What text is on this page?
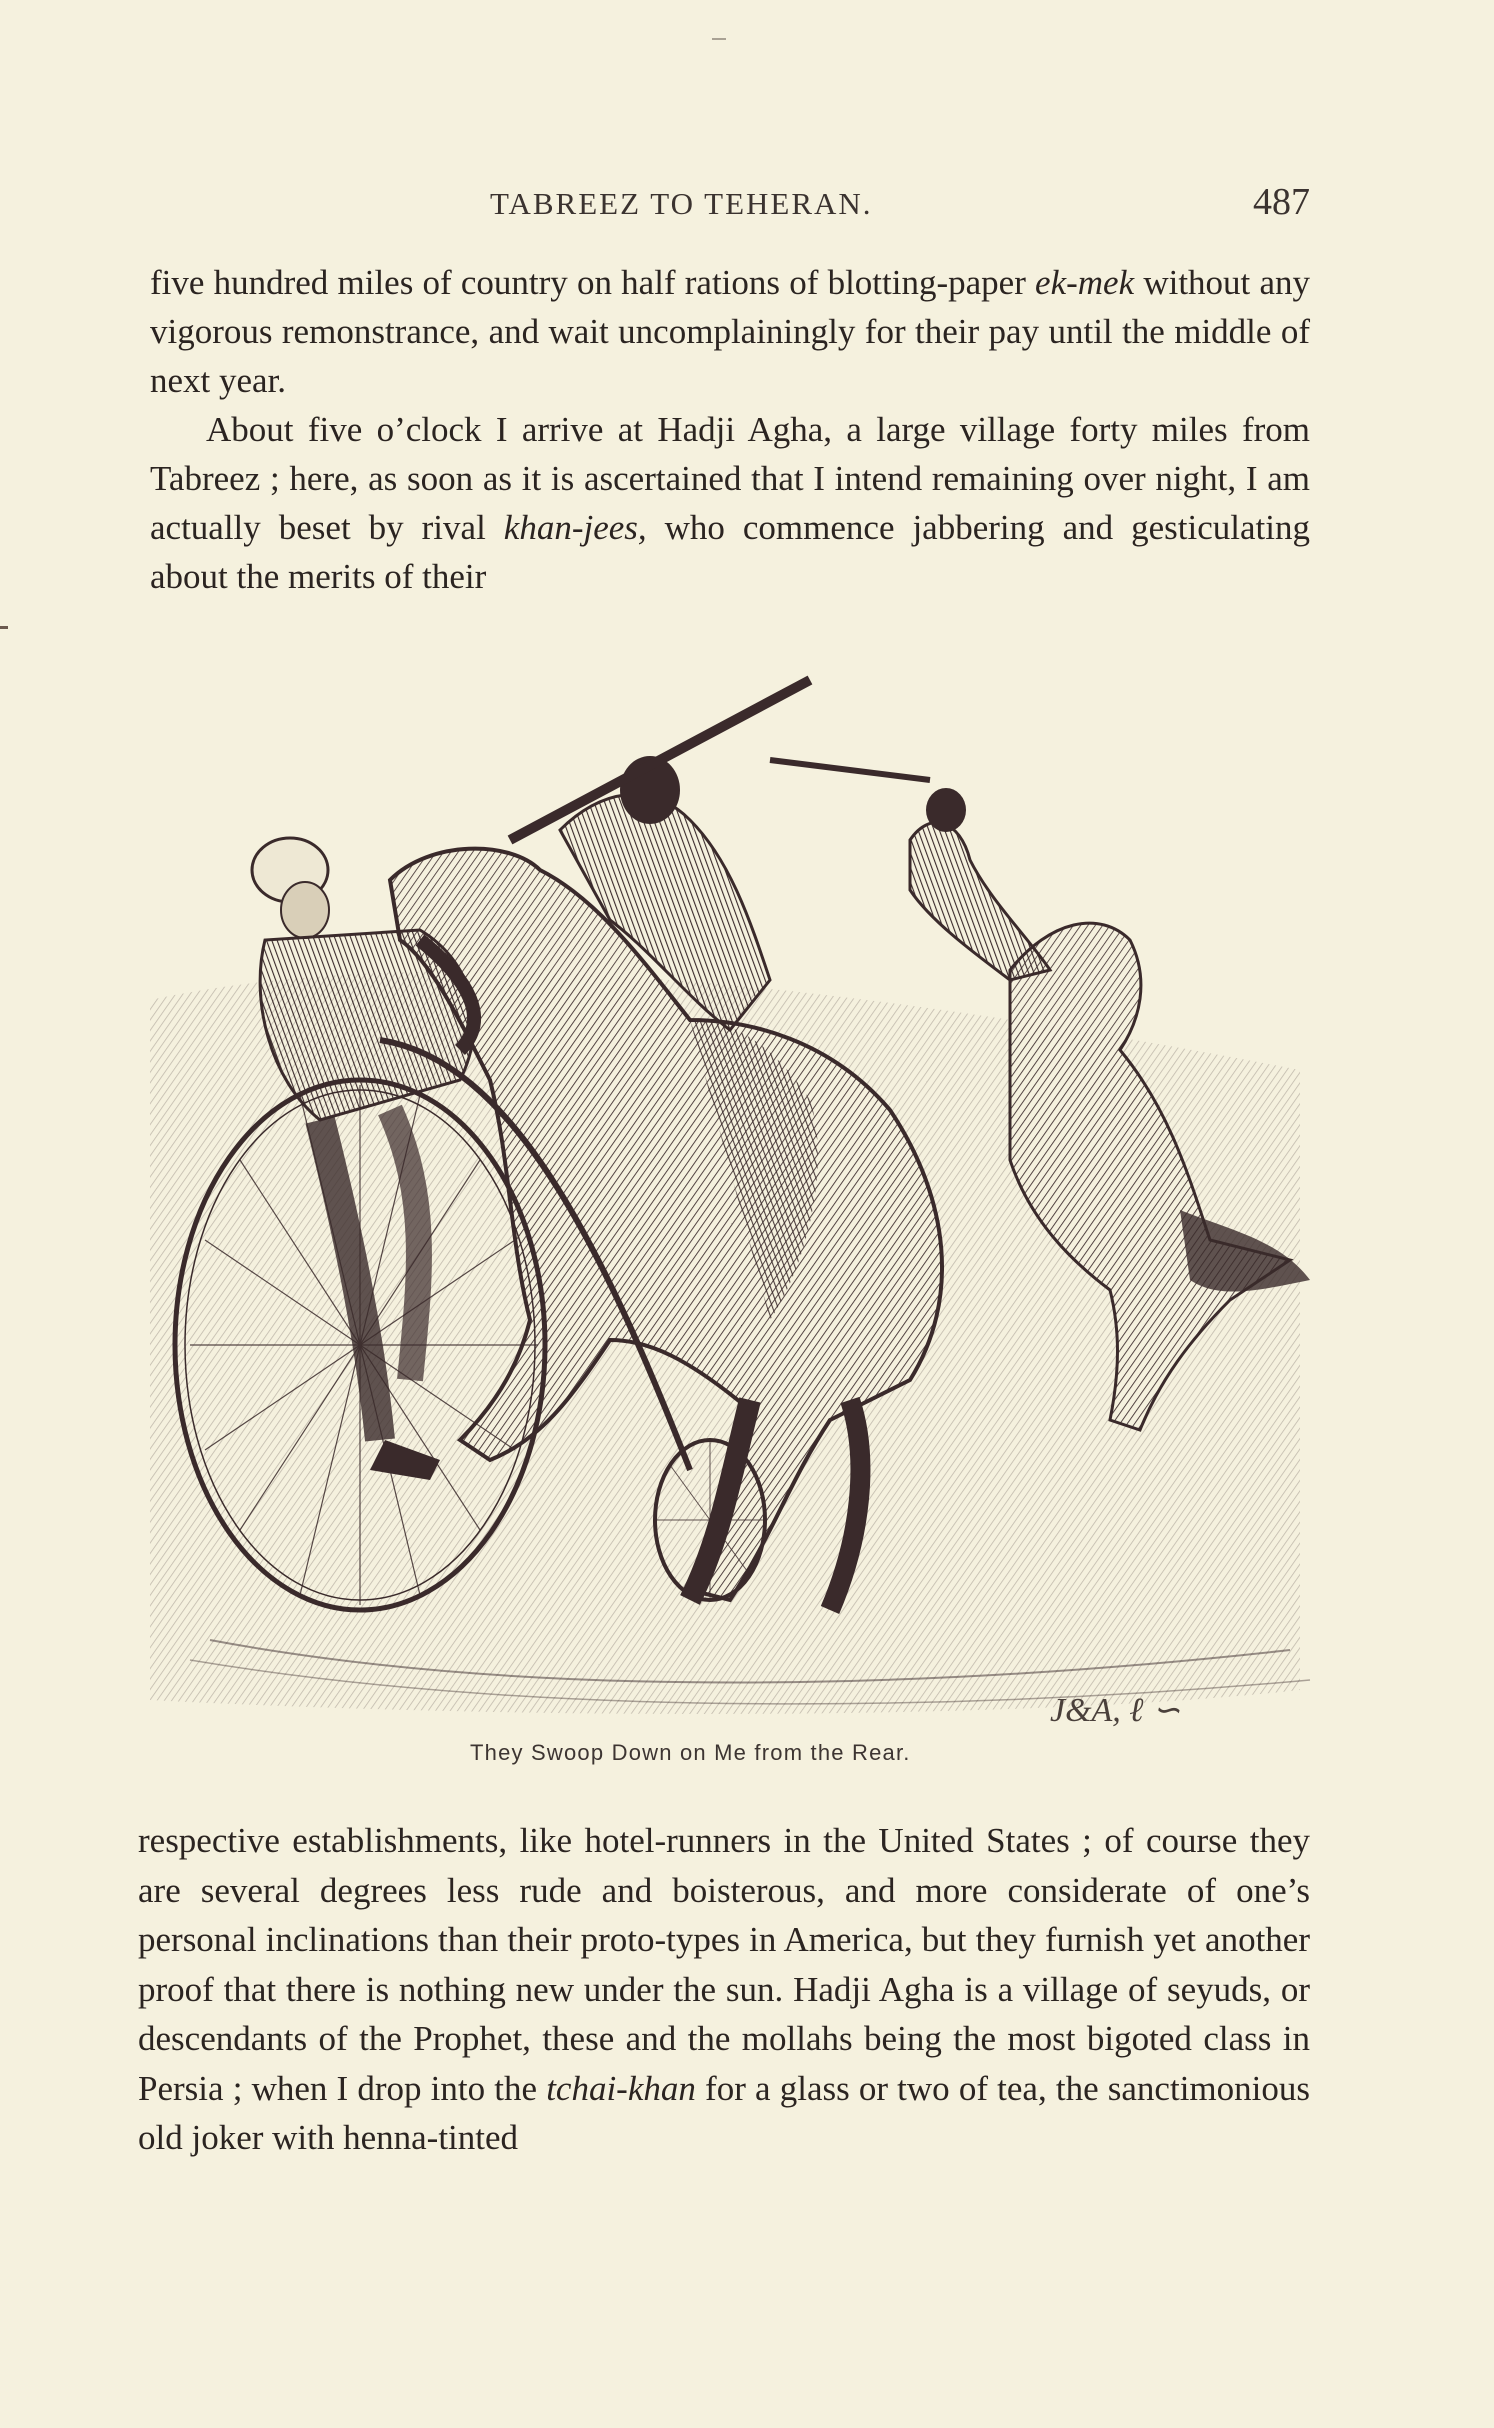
TABREEZ TO TEHERAN.	487

five hundred miles of country on half rations of blotting-paper ek-mek without any vigorous remonstrance, and wait uncomplainingly for their pay until the middle of next year.

About five o’clock I arrive at Hadji Agha, a large village forty miles from Tabreez ; here, as soon as it is ascertained that I intend remaining over night, I am actually beset by rival khan-jees, who commence jabbering and gesticulating about the merits of their

J&A, ℓ ∽
They Swoop Down on Me from the Rear.

respective establishments, like hotel-runners in the United States ; of course they are several degrees less rude and boisterous, and more considerate of one’s personal inclinations than their proto-types in America, but they furnish yet another proof that there is nothing new under the sun. Hadji Agha is a village of seyuds, or descendants of the Prophet, these and the mollahs being the most bigoted class in Persia ; when I drop into the tchai-khan for a glass or two of tea, the sanctimonious old joker with henna-tinted
